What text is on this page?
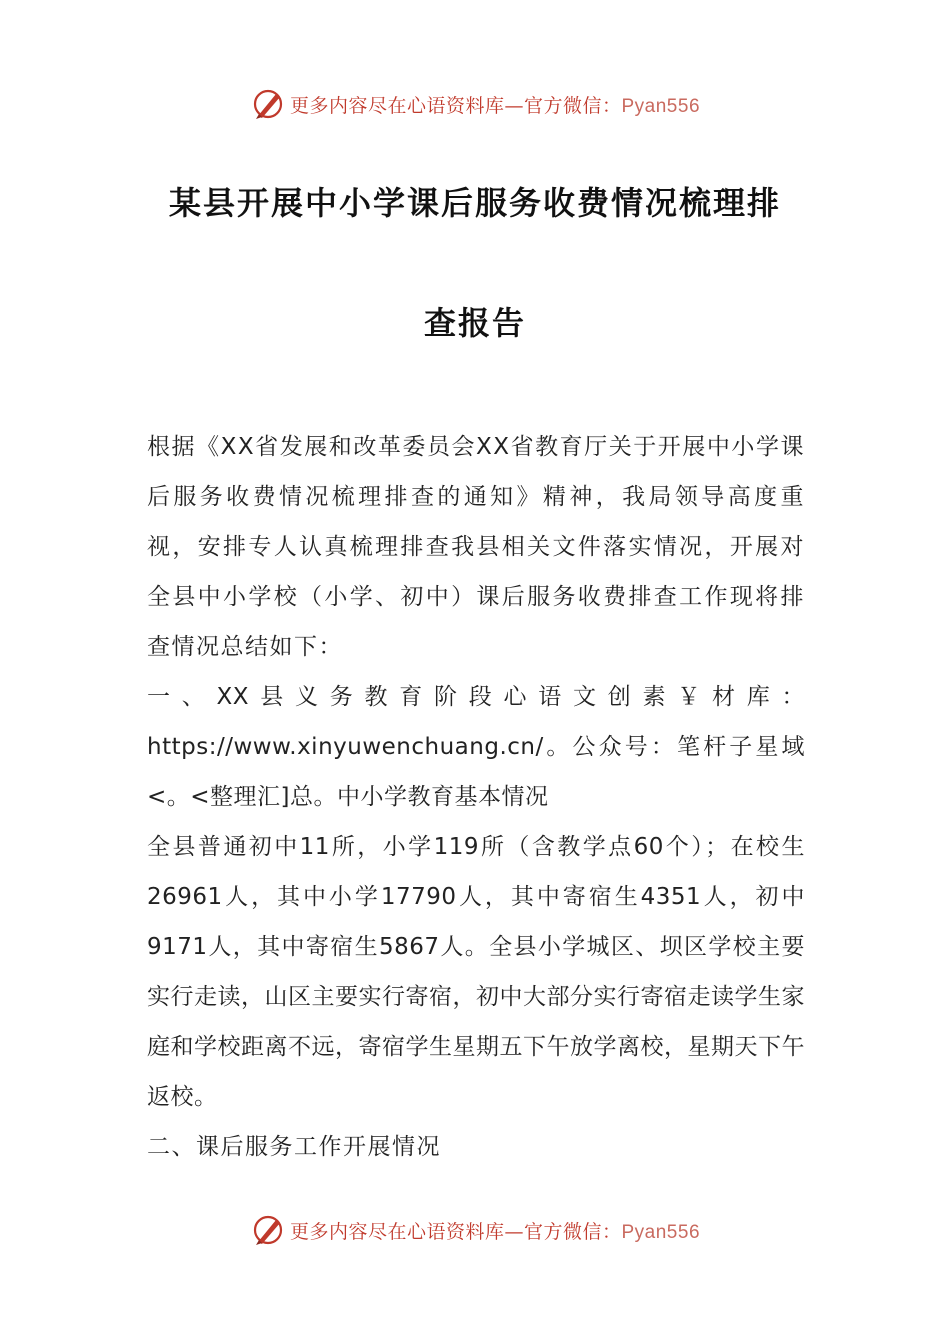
更多内容尽在心语资料库—官方微信：Pyan556
某县开展中小学课后服务收费情况梳理排
查报告

根据《XX省发展和改革委员会XX省教育厅关于开展中小学课后服务收费情况梳理排查的通知》精神，我局领导高度重视，安排专人认真梳理排查我县相关文件落实情况，开展对全县中小学校（小学、初中）课后服务收费排查工作现将排查情况总结如下：

一、XX县义务教育阶段心语文创素￥材库：https://www.xinyuwenchuang.cn/。公众号：笔杆子星域<。<整理汇]总。中小学教育基本情况

全县普通初中11所，小学119所（含教学点60个）；在校生26961人，其中小学17790人，其中寄宿生4351人，初中9171人，其中寄宿生5867人。全县小学城区、坝区学校主要实行走读，山区主要实行寄宿，初中大部分实行寄宿走读学生家庭和学校距离不远，寄宿学生星期五下午放学离校，星期天下午返校。

二、课后服务工作开展情况

更多内容尽在心语资料库—官方微信：Pyan556
